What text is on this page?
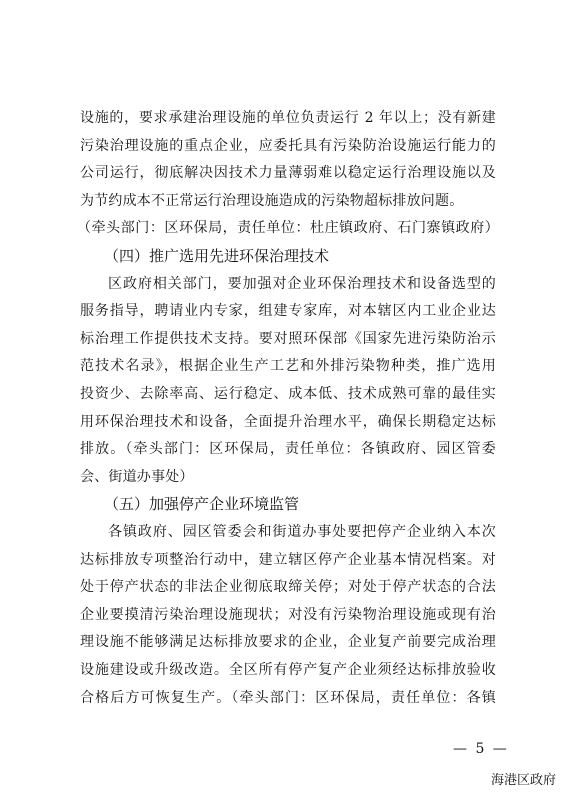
设施的，要求承建治理设施的单位负责运行 2 年以上；没有新建
污染治理设施的重点企业，应委托具有污染防治设施运行能力的
公司运行，彻底解决因技术力量薄弱难以稳定运行治理设施以及
为节约成本不正常运行治理设施造成的污染物超标排放问题。
（牵头部门：区环保局，责任单位：杜庄镇政府、石门寨镇政府）
（四）推广选用先进环保治理技术
区政府相关部门，要加强对企业环保治理技术和设备选型的
服务指导，聘请业内专家，组建专家库，对本辖区内工业企业达
标治理工作提供技术支持。要对照环保部《国家先进污染防治示
范技术名录》，根据企业生产工艺和外排污染物种类，推广选用
投资少、去除率高、运行稳定、成本低、技术成熟可靠的最佳实
用环保治理技术和设备，全面提升治理水平，确保长期稳定达标
排放。（牵头部门：区环保局，责任单位：各镇政府、园区管委
会、街道办事处）
（五）加强停产企业环境监管
各镇政府、园区管委会和街道办事处要把停产企业纳入本次
达标排放专项整治行动中，建立辖区停产企业基本情况档案。对
处于停产状态的非法企业彻底取缔关停；对处于停产状态的合法
企业要摸清污染治理设施现状；对没有污染物治理设施或现有治
理设施不能够满足达标排放要求的企业，企业复产前要完成治理
设施建设或升级改造。全区所有停产复产企业须经达标排放验收
合格后方可恢复生产。（牵头部门：区环保局，责任单位：各镇
— 5 —
海港区政府
